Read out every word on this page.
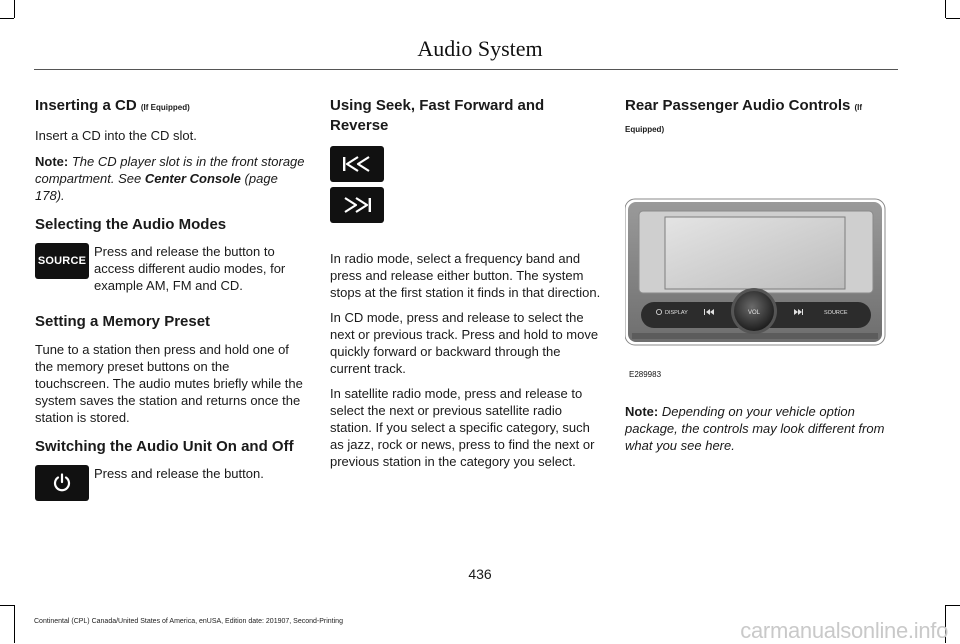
Audio System
Inserting a CD (If Equipped)

Insert a CD into the CD slot.

Note: The CD player slot is in the front storage compartment. See Center Console (page 178).

Selecting the Audio Modes
SOURCE

Press and release the button to access different audio modes, for example AM, FM and CD.

Setting a Memory Preset

Tune to a station then press and hold one of the memory preset buttons on the touchscreen. The audio mutes briefly while the system saves the station and returns once the station is stored.

Switching the Audio Unit On and Off

Press and release the button.

Using Seek, Fast Forward and Reverse

In radio mode, select a frequency band and press and release either button. The system stops at the first station it finds in that direction.

In CD mode, press and release to select the next or previous track. Press and hold to move quickly forward or backward through the current track.

In satellite radio mode, press and release to select the next or previous satellite radio station. If you select a specific category, such as jazz, rock or news, press to find the next or previous station in the category you select.

Rear Passenger Audio Controls (If Equipped)
VOL
DISPLAY	SOURCE
E289983

Note: Depending on your vehicle option package, the controls may look different from what you see here.

436
Continental (CPL) Canada/United States of America, enUSA, Edition date: 201907, Second-Printing	carmanualsonline.info
